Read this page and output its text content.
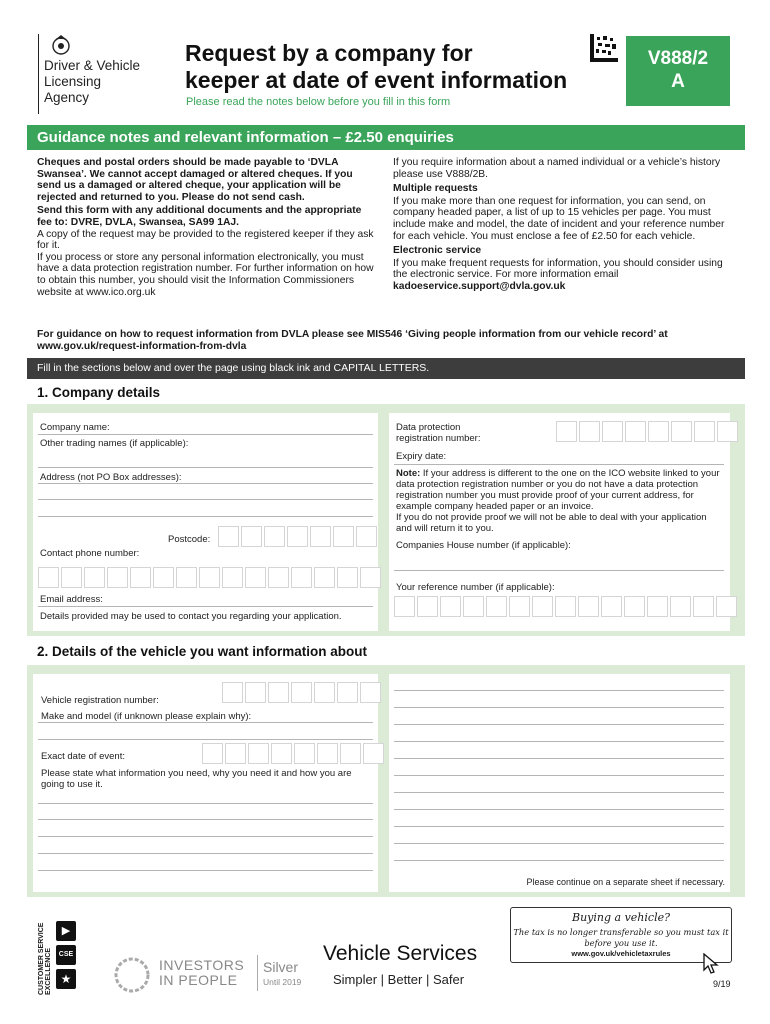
Driver & Vehicle
Licensing
Agency
Request by a company for
keeper at date of event information
Please read the notes below before you fill in this form
V888/2
A
Guidance notes and relevant information – £2.50 enquiries
Cheques and postal orders should be made payable to ‘DVLA Swansea’. We cannot accept damaged or altered cheques. If you send us a damaged or altered cheque, your application will be rejected and returned to you. Please do not send cash.
Send this form with any additional documents and the appropriate fee to: DVRE, DVLA, Swansea, SA99 1AJ.
A copy of the request may be provided to the registered keeper if they ask for it.
If you process or store any personal information electronically, you must have a data protection registration number. For further information on how to obtain this number, you should visit the Information Commissioners website at www.ico.org.uk
If you require information about a named individual or a vehicle’s history please use V888/2B.
Multiple requests
If you make more than one request for information, you can send, on company headed paper, a list of up to 15 vehicles per page. You must include make and model, the date of incident and your reference number for each vehicle. You must enclose a fee of £2.50 for each vehicle.
Electronic service
If you make frequent requests for information, you should consider using the electronic service. For more information email
kadoeservice.support@dvla.gov.uk
For guidance on how to request information from DVLA please see MIS546 ‘Giving people information from our vehicle record’ at www.gov.uk/request-information-from-dvla
Fill in the sections below and over the page using black ink and CAPITAL LETTERS.
1. Company details
Company name:
Other trading names (if applicable):
Address (not PO Box addresses):
Postcode:
Contact phone number:
Email address:
Details provided may be used to contact you regarding your application.
Data protection
registration number:
Expiry date:
Note: If your address is different to the one on the ICO website linked to your data protection registration number or you do not have a data protection registration number you must provide proof of your current address, for example company headed paper or an invoice.
If you do not provide proof we will not be able to deal with your application and will return it to you.
Companies House number (if applicable):
Your reference number (if applicable):
2. Details of the vehicle you want information about
Vehicle registration number:
Make and model (if unknown please explain why):
Exact date of event:
Please state what information you need, why you need it and how you are going to use it.
Please continue on a separate sheet if necessary.
CUSTOMER SERVICE EXCELLENCE
▶
CSE
★
INVESTORS
IN PEOPLE
Silver
Until 2019
Vehicle Services
Simpler | Better | Safer
Buying a vehicle?
The tax is no longer transferable so you must tax it
before you use it.
www.gov.uk/vehicletaxrules
9/19
